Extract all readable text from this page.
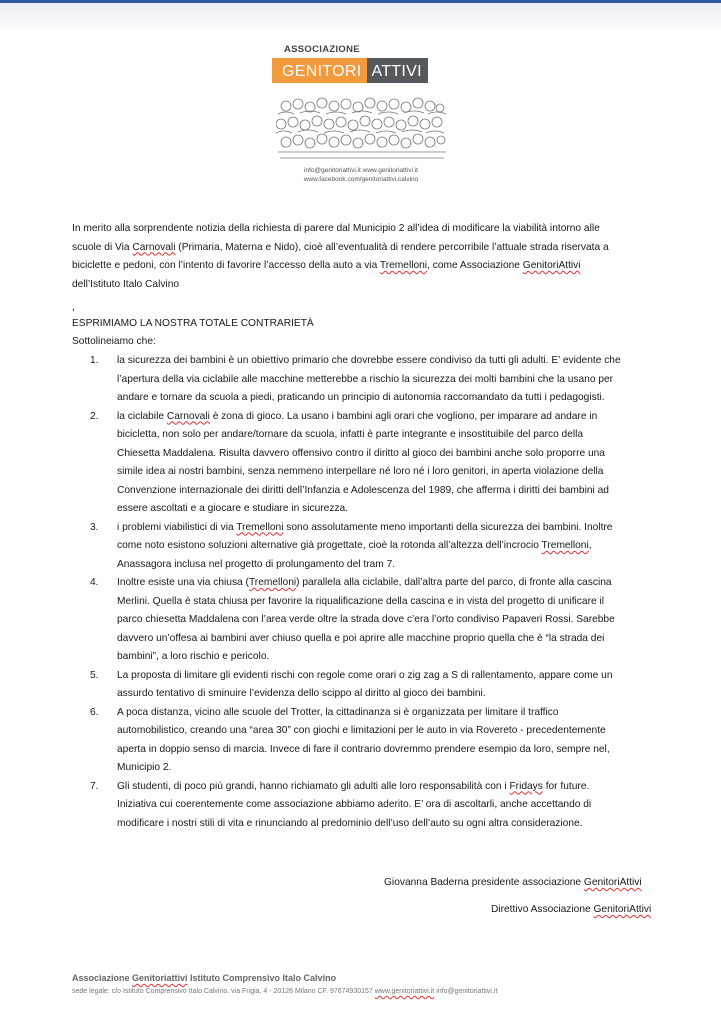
ASSOCIAZIONE
GENITORI ATTIVI
info@genitoriattivi.it www.genitoriattivi.it
www.facebook.com/genitoriattivi.calvino
In merito alla sorprendente notizia della richiesta di parere dal Municipio 2 all’idea di modificare la viabilità intorno alle
scuole di Via Carnovali (Primaria, Materna e Nido), cioè all’eventualità di rendere percorribile l’attuale strada riservata a
biciclette e pedoni, con l’intento di favorire l’accesso della auto a via Tremelloni, come Associazione GenitoriAttivi
dell’Istituto Italo Calvino
,
ESPRIMIAMO LA NOSTRA TOTALE CONTRARIETÀ
Sottolineiamo che:
1. la sicurezza dei bambini è un obiettivo primario che dovrebbe essere condiviso da tutti gli adulti. E’ evidente che
l’apertura della via ciclabile alle macchine metterebbe a rischio la sicurezza dei molti bambini che la usano per
andare e tornare da scuola a piedi, praticando un principio di autonomia raccomandato da tutti i pedagogisti.
2. la ciclabile Carnovali è zona di gioco. La usano i bambini agli orari che vogliono, per imparare ad andare in
bicicletta, non solo per andare/tornare da scuola, infatti è parte integrante e insostituibile del parco della
Chiesetta Maddalena. Risulta davvero offensivo contro il diritto al gioco dei bambini anche solo proporre una
simile idea ai nostri bambini, senza nemmeno interpellare né loro né i loro genitori, in aperta violazione della
Convenzione internazionale dei diritti dell’Infanzia e Adolescenza del 1989, che afferma i diritti dei bambini ad
essere ascoltati e a giocare e studiare in sicurezza.
3. i problemi viabilistici di via Tremelloni sono assolutamente meno importanti della sicurezza dei bambini. Inoltre
come noto esistono soluzioni alternative già progettate, cioè la rotonda all’altezza dell’incrocio Tremelloni,
Anassagora inclusa nel progetto di prolungamento del tram 7.
4. Inoltre esiste una via chiusa (Tremelloni) parallela alla ciclabile, dall’altra parte del parco, di fronte alla cascina
Merlini. Quella è stata chiusa per favorire la riqualificazione della cascina e in vista del progetto di unificare il
parco chiesetta Maddalena con l’area verde oltre la strada dove c’era l’orto condiviso Papaveri Rossi. Sarebbe
davvero un’offesa ai bambini aver chiuso quella e poi aprire alle macchine proprio quella che è “la strada dei
bambini”, a loro rischio e pericolo.
5. La proposta di limitare gli evidenti rischi con regole come orari o zig zag a S di rallentamento, appare come un
assurdo tentativo di sminuire l’evidenza dello scippo al diritto al gioco dei bambini.
6. A poca distanza, vicino alle scuole del Trotter, la cittadinanza si è organizzata per limitare il traffico
automobilistico, creando una “area 30” con giochi e limitazioni per le auto in via Rovereto - precedentemente
aperta in doppio senso di marcia. Invece di fare il contrario dovremmo prendere esempio da loro, sempre nel,
Municipio 2.
7. Gli studenti, di poco più grandi, hanno richiamato gli adulti alle loro responsabilità con i Fridays for future.
Iniziativa cui coerentemente come associazione abbiamo aderito. E’ ora di ascoltarli, anche accettando di
modificare i nostri stili di vita e rinunciando al predominio dell’uso dell’auto su ogni altra considerazione.
Giovanna Baderna presidente associazione GenitoriAttivi
Direttivo Associazione GenitoriAttivi
Associazione Genitoriattivi Istituto Comprensivo Italo Calvino
sede legale: c/o Istituto Comprensivo Italo Calvino, via Frigia, 4 - 20126 Milano CF. 97674930157 www.genitoriattivi.it info@genitoriattivi.it
